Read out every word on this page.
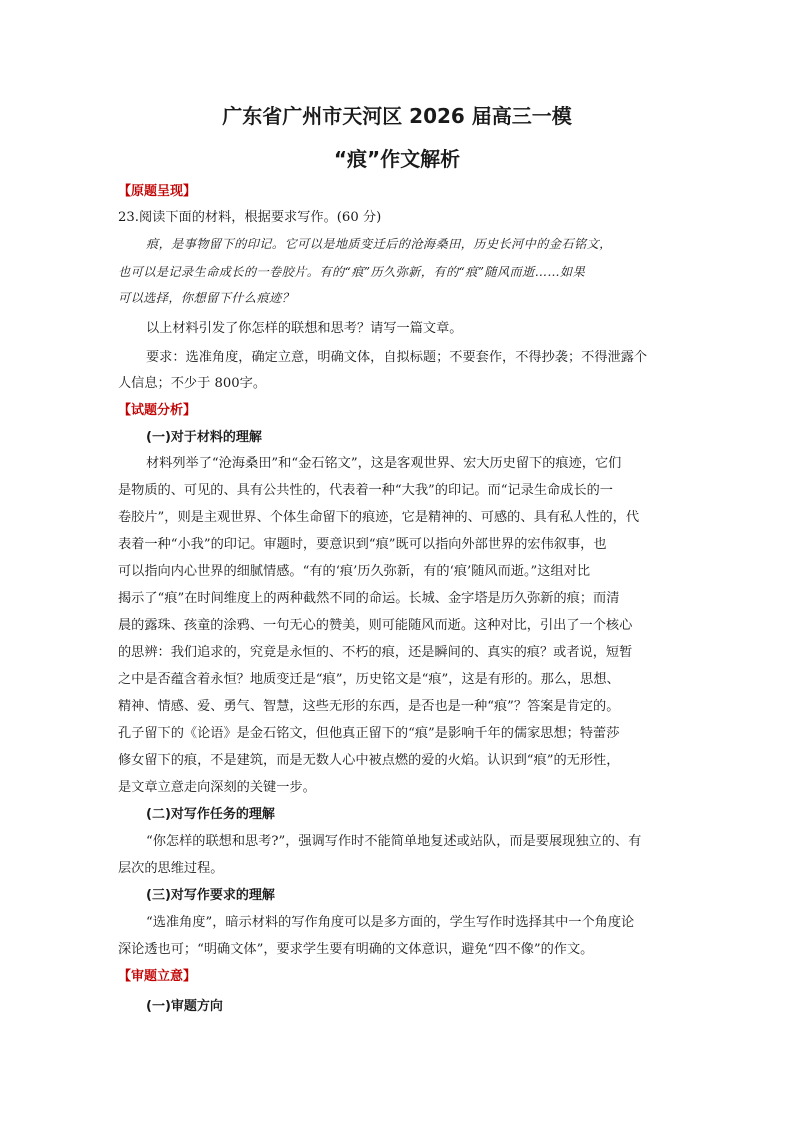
广东省广州市天河区 2026 届高三一模
“痕”作文解析
【原题呈现】
23.阅读下面的材料，根据要求写作。(60 分)
痕，是事物留下的印记。它可以是地质变迁后的沧海桑田，历史长河中的金石铭文，
也可以是记录生命成长的一卷胶片。有的“痕”历久弥新，有的“痕”随风而逝……如果
可以选择，你想留下什么痕迹？
以上材料引发了你怎样的联想和思考？请写一篇文章。
要求：选准角度，确定立意，明确文体，自拟标题；不要套作，不得抄袭；不得泄露个
人信息；不少于 800字。
【试题分析】
(一)对于材料的理解
材料列举了“沧海桑田”和“金石铭文”，这是客观世界、宏大历史留下的痕迹，它们
是物质的、可见的、具有公共性的，代表着一种“大我”的印记。而“记录生命成长的一
卷胶片”，则是主观世界、个体生命留下的痕迹，它是精神的、可感的、具有私人性的，代
表着一种“小我”的印记。审题时，要意识到“痕”既可以指向外部世界的宏伟叙事，也
可以指向内心世界的细腻情感。“有的‘痕’历久弥新，有的‘痕’随风而逝。”这组对比
揭示了“痕”在时间维度上的两种截然不同的命运。长城、金字塔是历久弥新的痕；而清
晨的露珠、孩童的涂鸦、一句无心的赞美，则可能随风而逝。这种对比，引出了一个核心
的思辨：我们追求的，究竟是永恒的、不朽的痕，还是瞬间的、真实的痕？或者说，短暂
之中是否蕴含着永恒？地质变迁是“痕”，历史铭文是“痕”，这是有形的。那么，思想、
精神、情感、爱、勇气、智慧，这些无形的东西，是否也是一种“痕”？答案是肯定的。
孔子留下的《论语》是金石铭文，但他真正留下的“痕”是影响千年的儒家思想；特蕾莎
修女留下的痕，不是建筑，而是无数人心中被点燃的爱的火焰。认识到“痕”的无形性，
是文章立意走向深刻的关键一步。
(二)对写作任务的理解
“你怎样的联想和思考?”，强调写作时不能简单地复述或站队，而是要展现独立的、有
层次的思维过程。
(三)对写作要求的理解
“选准角度”，暗示材料的写作角度可以是多方面的，学生写作时选择其中一个角度论
深论透也可；“明确文体”，要求学生要有明确的文体意识，避免“四不像”的作文。
【审题立意】
(一)审题方向
